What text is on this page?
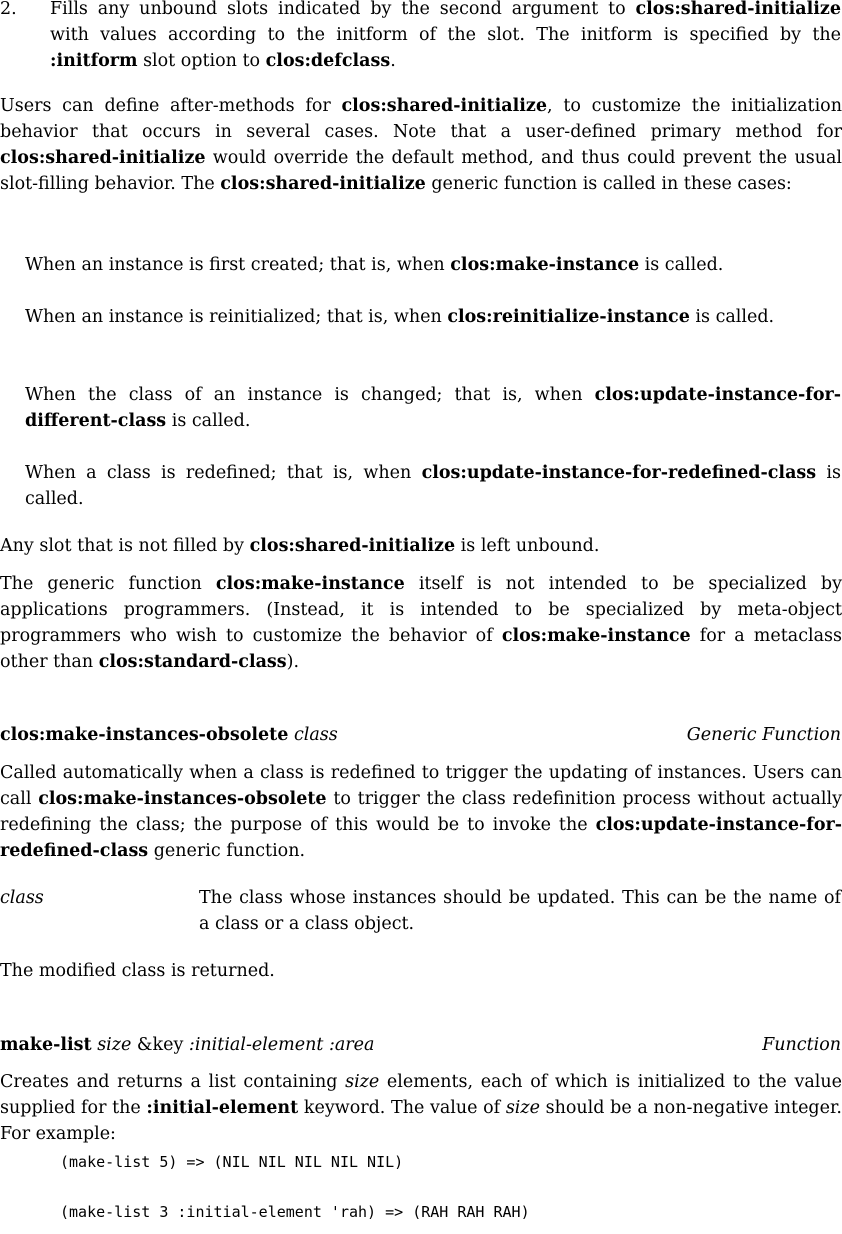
2. Fills any unbound slots indicated by the second argument to clos:shared-initialize with values according to the initform of the slot. The initform is specified by the :initform slot option to clos:defclass.

Users can define after-methods for clos:shared-initialize, to customize the initialization behavior that occurs in several cases. Note that a user-defined primary method for clos:shared-initialize would override the default method, and thus could prevent the usual slot-filling behavior. The clos:shared-initialize generic function is called in these cases:

When an instance is first created; that is, when clos:make-instance is called.

When an instance is reinitialized; that is, when clos:reinitialize-instance is called.

When the class of an instance is changed; that is, when clos:update-instance-for-different-class is called.

When a class is redefined; that is, when clos:update-instance-for-redefined-class is called.

Any slot that is not filled by clos:shared-initialize is left unbound.

The generic function clos:make-instance itself is not intended to be specialized by applications programmers. (Instead, it is intended to be specialized by meta-object programmers who wish to customize the behavior of clos:make-instance for a metaclass other than clos:standard-class).

clos:make-instances-obsolete class	Generic Function

Called automatically when a class is redefined to trigger the updating of instances. Users can call clos:make-instances-obsolete to trigger the class redefinition process without actually redefining the class; the purpose of this would be to invoke the clos:update-instance-for-redefined-class generic function.

class	The class whose instances should be updated. This can be the name of a class or a class object.

The modified class is returned.

make-list size &key :initial-element :area	Function

Creates and returns a list containing size elements, each of which is initialized to the value supplied for the :initial-element keyword. The value of size should be a non-negative integer. For example:

(make-list 5) => (NIL NIL NIL NIL NIL)
(make-list 3 :initial-element 'rah) => (RAH RAH RAH)
